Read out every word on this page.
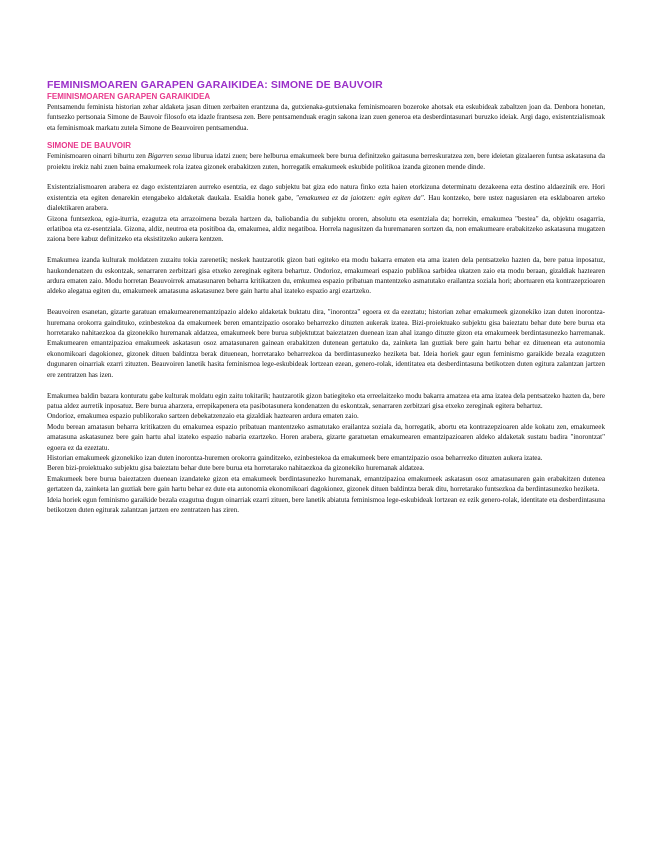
FEMINISMOAREN GARAPEN GARAIKIDEA: SIMONE DE BAUVOIR
FEMINISMOAREN GARAPEN GARAIKIDEA

Pentsamendu feminista historian zehar aldaketa jasan dituen zerbaiten erantzuna da, gutxienaka-gutxienaka feminismoaren bozeroke ahotsak eta eskubideak zabaltzen joan da. Denbora honetan, funtsezko pertsonaia Simone de Bauvoir filosofo eta idazle frantsesa zen. Bere pentsamenduak eragin sakona izan zuen generoa eta desberdintasunari buruzko ideiak. Argi dago, existentzialismoak eta feminismoak markatu zutela Simone de Beauvoiren pentsamendua.

SIMONE DE BAUVOIR

Feminismoaren oinarri bihurtu zen Bigarren sexua liburua idatzi zuen; bere helburua emakumeek bere burua definitzeko gaitasuna berreskuratzea zen, bere ideietan gizalaeren funtsa askatasuna da proiektu irekiz nahi zuen baina emakumeek rola izatea gizonek erabakitzen zuten, horregatik emakumeek eskubide politikoa izanda gizonen mende dinde.

Existentzialismoaren arabera ez dago existentziaren aurreko esentzia, ez dago subjektu bat giza edo natura finko ezta haien etorkizuna determinatu dezakeena ezta destino aldaezinik ere. Hori existentzia eta egiten denarekin etengabeko aldaketak daukala. Esaldia honek gabe, "emakumea ez da jaiotzen: egin egiten da". Hau kontzeko, bere ustez nagusiaren eta esklaboaren arteko dialektikaren arabera.

Gizona funtsezkoa, egia-iturria, ezagutza eta arrazoimena bezala hartzen da, baliobandia du subjektu ororen, absolutu eta esentziala da; horrekin, emakumea "bestea" da, objektu osagarria, erlatiboa eta ez-esentziala. Gizona, aldiz, neutroa eta positiboa da, emakumea, aldiz negatiboa. Horrela nagusitzen da huremanaren sortzen da, non emakumeare erabakitzeko askatasuna mugatzen zaiona bere kabuz definitzeko eta eksistitzeko aukera kentzen.

Emakumea izanda kulturak moldatzen zuzaitu tokia zarenetik; neskek hautzarotik gizon bati egiteko eta modu bakarra ematen eta ama izaten dela pentsatzeko hazten da, bere patua inposatuz, haukondenatzen du eskontzak, senarraren zerbitzari gisa etxeko zereginak egitera behartuz. Ondorioz, emakumeari espazio publikoa sarbidea ukatzen zaio eta modu beraan, gizaldiak haztearen ardura ematen zaio. Modu horretan Beauvoirrek amatasunaren beharra kritikatzen du, emkumea espazio pribatuan mantentzeko asmatutako erailantza soziala hori; abortuaren eta kontrazepzioaren aldeko alegatua egiten du, emakumeek amatasuna askatasunez bere gain hartu ahal izateko espazio argi ezartzeko.

Beauvoiren esanetan, gizarte garatuan emakumearenemantzipazio aldeko aldaketak buktatu dira, "inorontza" egoera ez da ezeztatu; historian zehar emakumeek gizonekiko izan duten inorontza-huremana orokorra gaindituko, ezinbestekoa da emakumeek beren emantzipazio osorako beharrezko dituzten aukerak izatea. Bizi-proiektuako subjektu gisa baieztatu behar dute bere burua eta horretarako nahitaezkoa da gizonekiko huremanak aldatzea, emakumeek bere burua subjektutzat baieztatzen duenean izan ahal izango dituzte gizon eta emakumeek berdintasunezko harremanak. Emakumearen emantzipazioa emakumeek askatasun osoz amatasunaren gainean erabakitzen dutenean gertatuko da, zainketa lan guztiak bere gain hartu behar ez dituenean eta autonomia ekonomikoari dagokionez, gizonek dituen baldintza berak dituenean, horretarako beharrezkoa da berdintasunezko heziketa bat. Ideia horiek gaur egun feminismo garaikide bezala ezagutzen dugunaren oinarriak ezarri zituzten. Beauvoiren lanetik hasita feminismoa lege-eskubideak lortzean ezean, genero-rolak, identitatea eta desberdintasuna betikotzen duten egitura zalantzan jartzen ere zentratzen has izen.

Emakumea baldin bazara konturatu gabe kulturak moldatu egin zaitu tokitarik; hautzarotik gizon batiegiteko eta erreelaitzeko modu bakarra amatzea eta ama izatea dela pentsatzeko hazten da, bere patua aldez aurretik inposatuz. Bere burua aharzera, errepikapenera eta pasibotasunera kondenatzen du eskontzak, senarraren zerbitzari gisa etxeko zereginak egitera behartuz.

Ondorioz, emakumea espazio publikorako sartzen debekatzenzaio eta gizaldiak haztearen ardura ematen zaio.

Modu berean amatasun beharra kritikatzen du emakumea espazio pribatuan mantentzeko asmatutako erailantza soziala da, horregatik, abortu eta kontrazepzioaren alde kokatu zen, emakumeek amatasuna askatasunez bere gain hartu ahal izateko espazio nabaria ezartzeko. Horen arabera, gizarte garatuetan emakumearen emantzipazioaren aldeko aldaketak sustatu badira "inorontzat" egoera ez da ezeztatu.

Historian emakumeek gizonekiko izan duten inorontza-huremen orokorra gainditzeko, ezinbestekoa da emakumeek bere emantzipazio osoa beharrezko dituzten aukera izatea.

Beren bizi-proiektuako subjektu gisa baieztatu behar dute bere burua eta horretarako nahitaezkoa da gizonekiko huremanak aldatzea.

Emakumeek bere burua baieztatzen duenean izandateke gizon eta emakumeek berdintasunezko huremanak, emantzipazioa emakumeek askatasun osoz amatasunaren gain erabakitzen dutenea gertatzen da, zainketa lan guztiak bere gain hartu behar ez dute eta autonomia ekonomikoari dagokionez, gizonek dituen baldintza berak ditu, horretarako funtsezkoa da berdintasunezko heziketa.

Ideia horiek egun feminismo garaikide bezala ezagutua dugun oinarriak ezarri zituen, bere lanetik abiatuta feminismoa lege-eskubideak lortzean ez ezik genero-rolak, identitate eta desberdintasuna betikotzen duten egiturak zalantzan jartzen ere zentratzen has ziren.
